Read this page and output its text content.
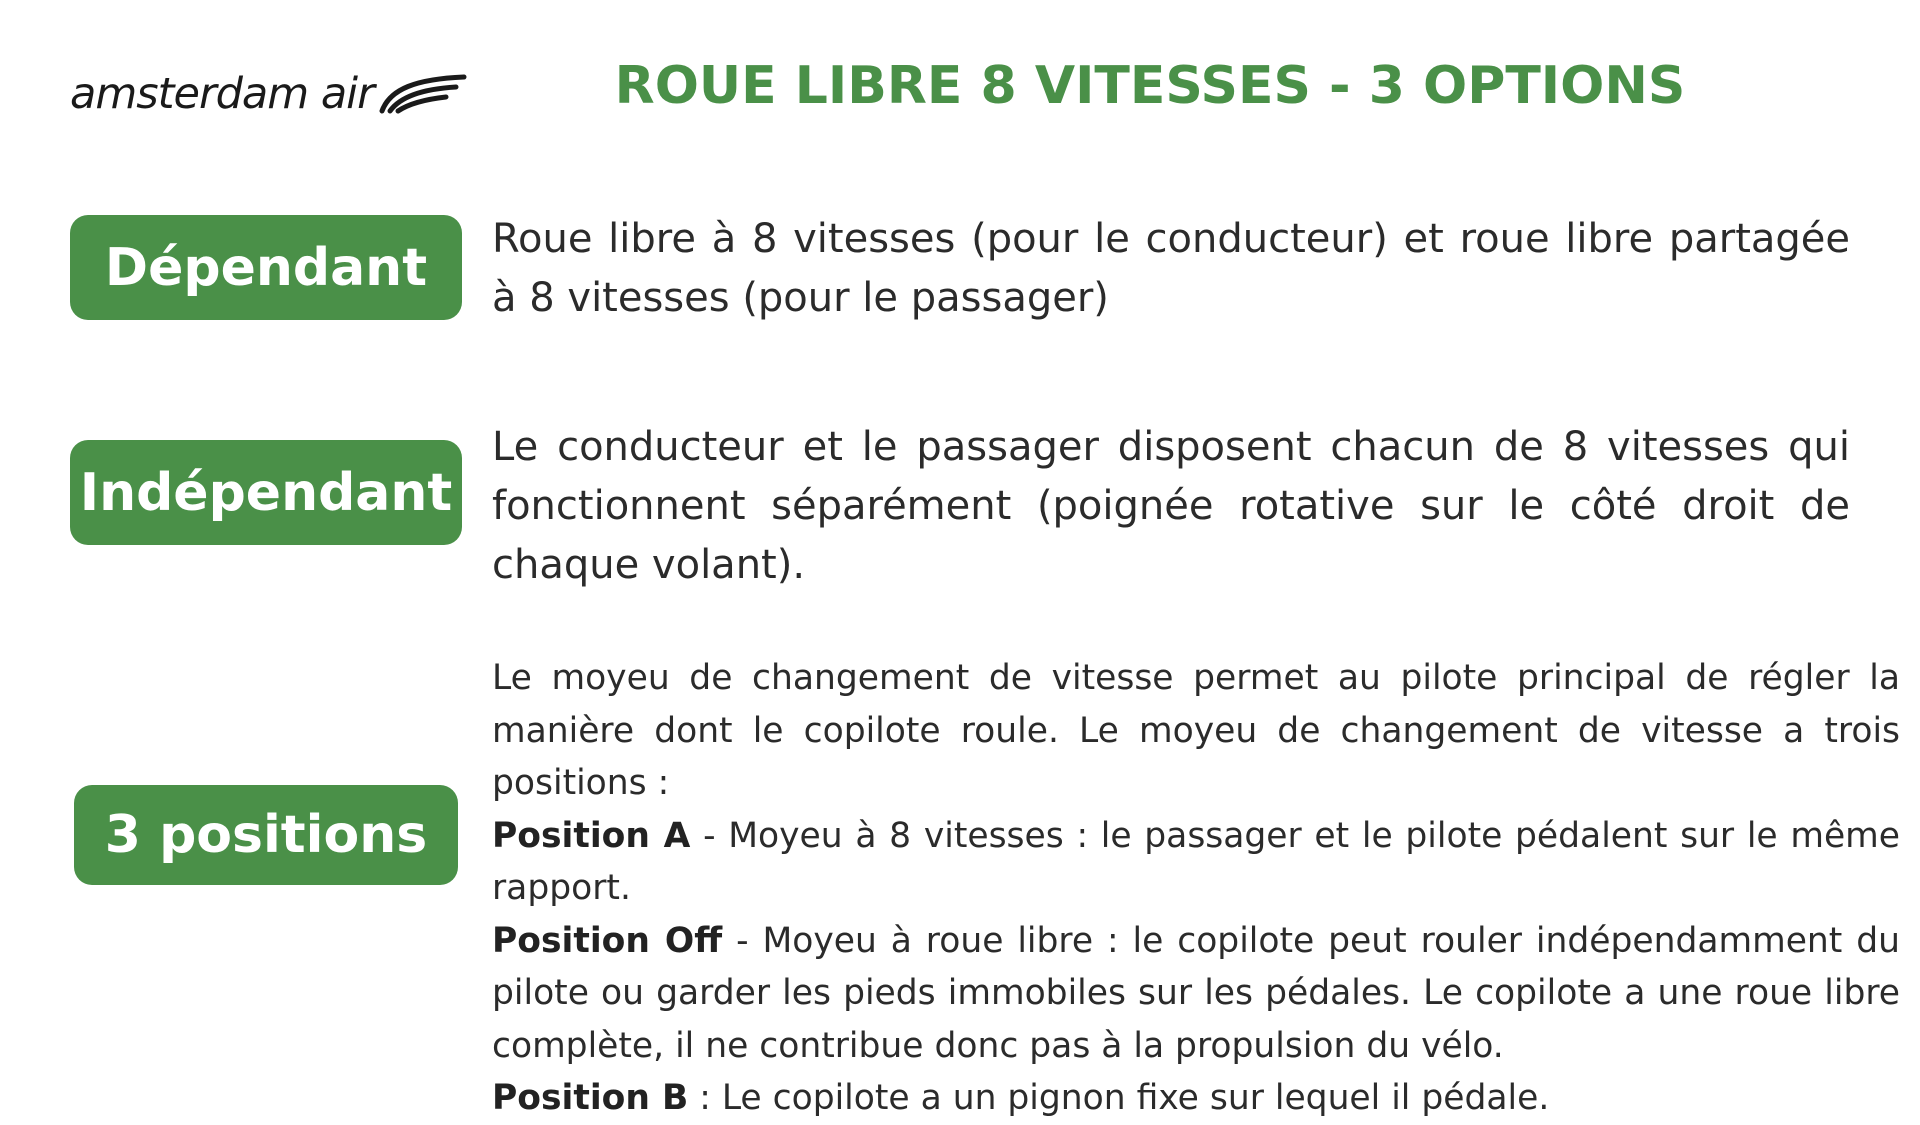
amsterdam air	ROUE LIBRE 8 VITESSES - 3 OPTIONS
Dépendant	Roue libre à 8 vitesses (pour le conducteur) et roue libre partagée à 8 vitesses (pour le passager)
Indépendant
Le conducteur et le passager disposent chacun de 8 vitesses qui fonctionnent séparément (poignée rotative sur le côté droit de chaque volant).
3 positions

Le moyeu de changement de vitesse permet au pilote principal de régler la manière dont le copilote roule. Le moyeu de changement de vitesse a trois positions :

Position A - Moyeu à 8 vitesses : le passager et le pilote pédalent sur le même rapport.

Position Off - Moyeu à roue libre : le copilote peut rouler indépendamment du pilote ou garder les pieds immobiles sur les pédales. Le copilote a une roue libre complète, il ne contribue donc pas à la propulsion du vélo.

Position B : Le copilote a un pignon fixe sur lequel il pédale.
